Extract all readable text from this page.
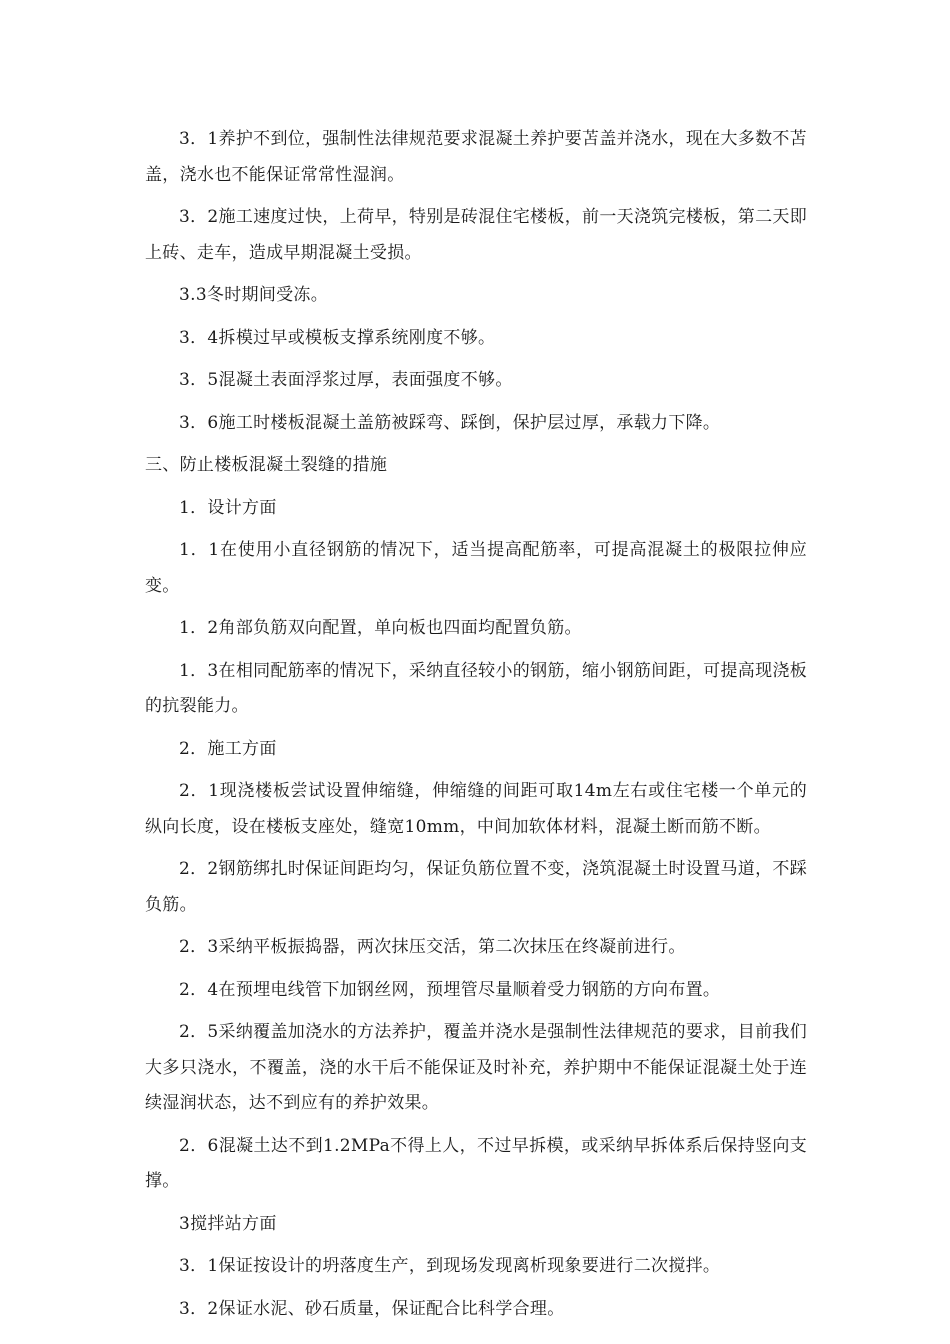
3．1养护不到位，强制性法律规范要求混凝土养护要苫盖并浇水，现在大多数不苫盖，浇水也不能保证常常性湿润。

3．2施工速度过快，上荷早，特别是砖混住宅楼板，前一天浇筑完楼板，第二天即上砖、走车，造成早期混凝土受损。

3.3冬时期间受冻。

3．4拆模过早或模板支撑系统刚度不够。

3．5混凝土表面浮浆过厚，表面强度不够。

3．6施工时楼板混凝土盖筋被踩弯、踩倒，保护层过厚，承载力下降。

三、防止楼板混凝土裂缝的措施

1．设计方面

1．1在使用小直径钢筋的情况下，适当提高配筋率，可提高混凝土的极限拉伸应变。

1．2角部负筋双向配置，单向板也四面均配置负筋。

1．3在相同配筋率的情况下，采纳直径较小的钢筋，缩小钢筋间距，可提高现浇板的抗裂能力。

2．施工方面

2．1现浇楼板尝试设置伸缩缝，伸缩缝的间距可取14m左右或住宅楼一个单元的纵向长度，设在楼板支座处，缝宽10mm，中间加软体材料，混凝土断而筋不断。

2．2钢筋绑扎时保证间距均匀，保证负筋位置不变，浇筑混凝土时设置马道，不踩负筋。

2．3采纳平板振捣器，两次抹压交活，第二次抹压在终凝前进行。

2．4在预埋电线管下加钢丝网，预埋管尽量顺着受力钢筋的方向布置。

2．5采纳覆盖加浇水的方法养护，覆盖并浇水是强制性法律规范的要求，目前我们大多只浇水，不覆盖，浇的水干后不能保证及时补充，养护期中不能保证混凝土处于连续湿润状态，达不到应有的养护效果。

2．6混凝土达不到1.2MPa不得上人，不过早拆模，或采纳早拆体系后保持竖向支撑。

3搅拌站方面

3．1保证按设计的坍落度生产，到现场发现离析现象要进行二次搅拌。

3．2保证水泥、砂石质量，保证配合比科学合理。
